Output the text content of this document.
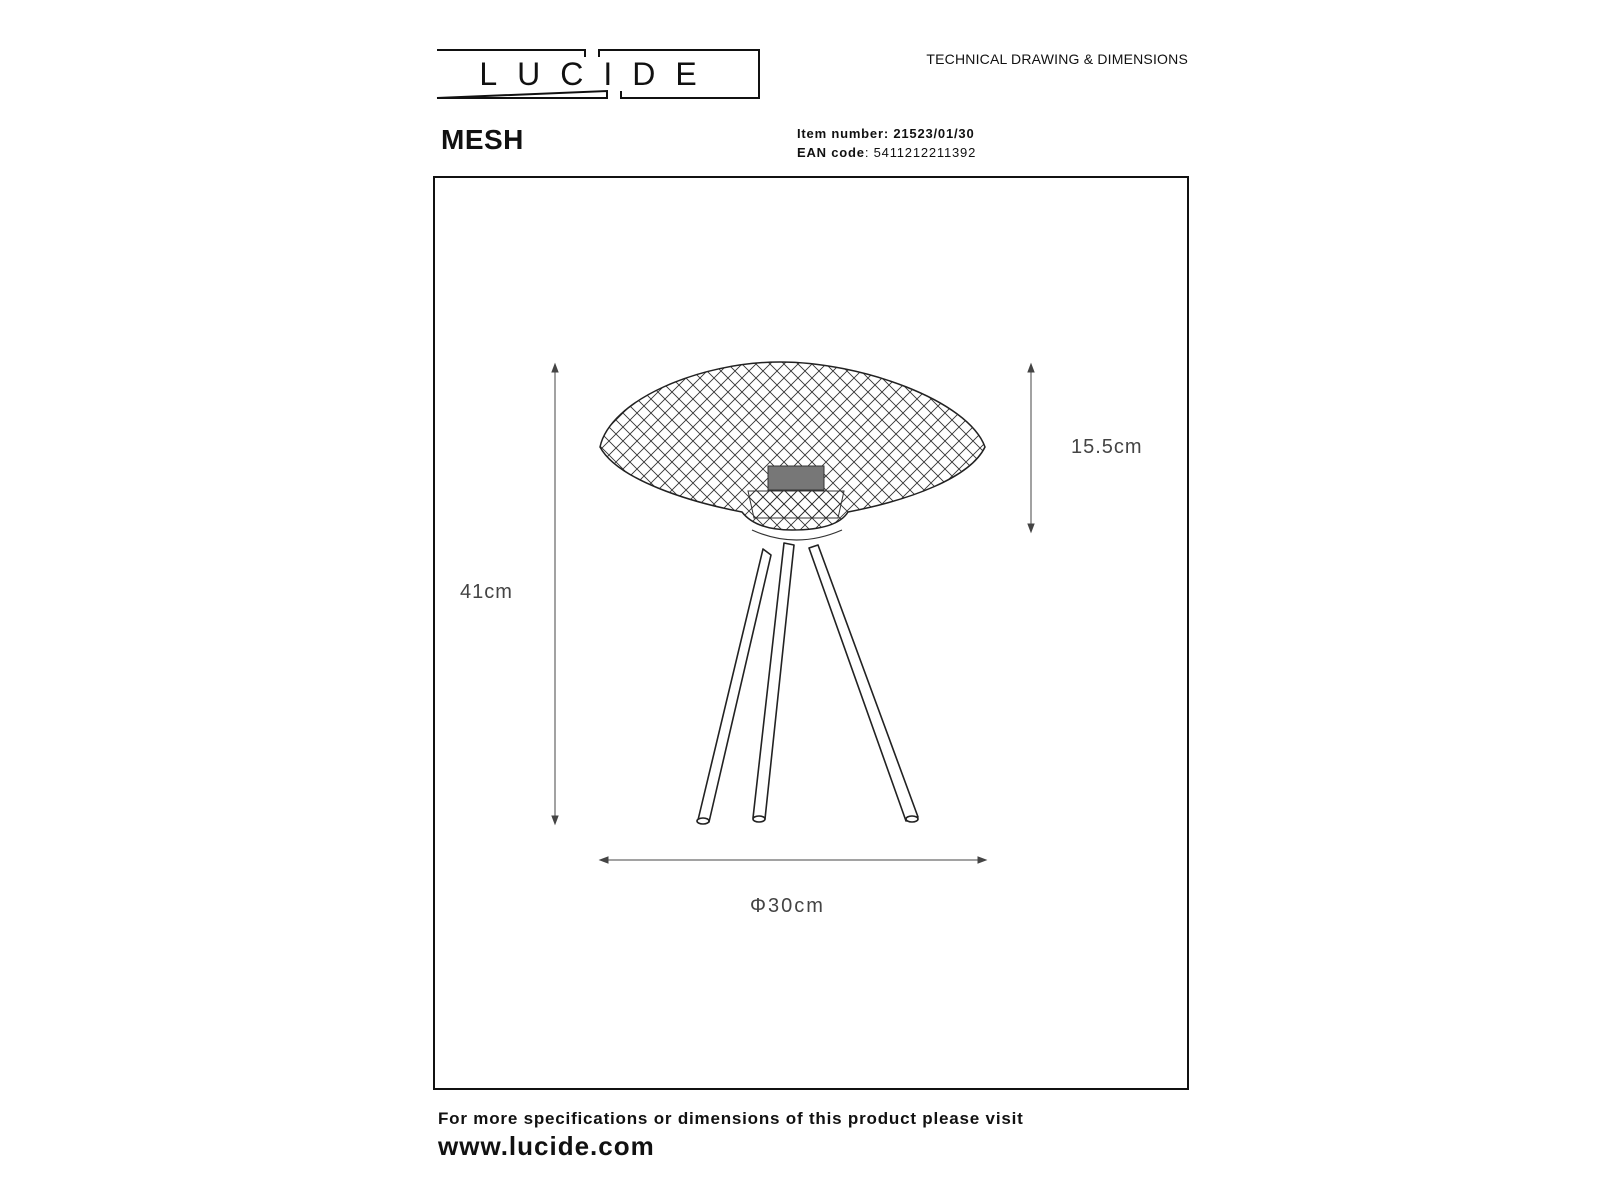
LUCIDE	TECHNICAL DRAWING & DIMENSIONS
MESH	Item number: 21523/01/30
EAN code: 5411212211392
41cm
15.5cm
Φ30cm
For more specifications or dimensions of this product please visit
www.lucide.com
